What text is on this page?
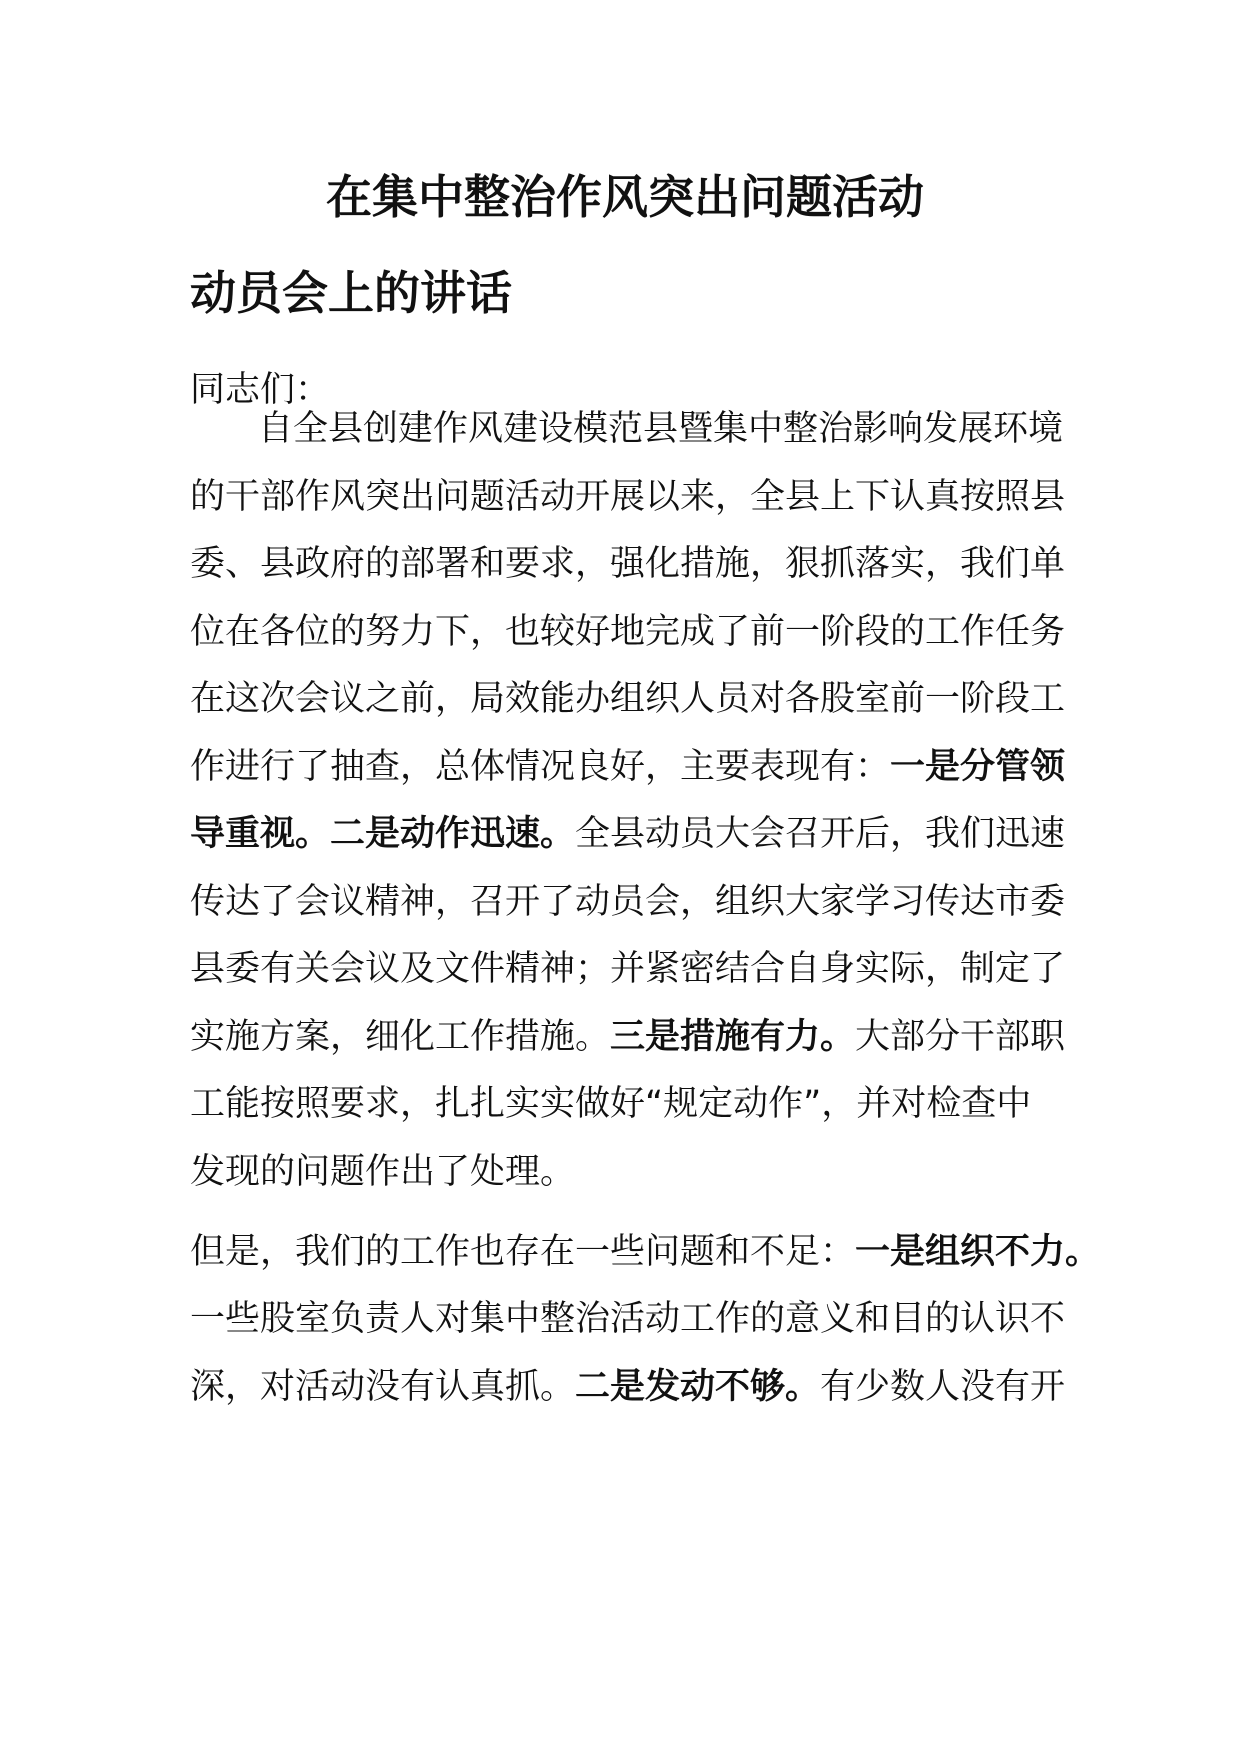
在集中整治作风突出问题活动
动员会上的讲话
同志们：
自全县创建作风建设模范县暨集中整治影响发展环境
的干部作风突出问题活动开展以来，全县上下认真按照县
委、县政府的部署和要求，强化措施，狠抓落实，我们单
位在各位的努力下，也较好地完成了前一阶段的工作任务
在这次会议之前，局效能办组织人员对各股室前一阶段工
作进行了抽查，总体情况良好，主要表现有：一是分管领
导重视。二是动作迅速。全县动员大会召开后，我们迅速
传达了会议精神，召开了动员会，组织大家学习传达市委
县委有关会议及文件精神；并紧密结合自身实际，制定了
实施方案，细化工作措施。三是措施有力。大部分干部职
工能按照要求，扎扎实实做好“规定动作”，并对检查中
发现的问题作出了处理。
但是，我们的工作也存在一些问题和不足：一是组织不力。
一些股室负责人对集中整治活动工作的意义和目的认识不
深，对活动没有认真抓。二是发动不够。有少数人没有开
